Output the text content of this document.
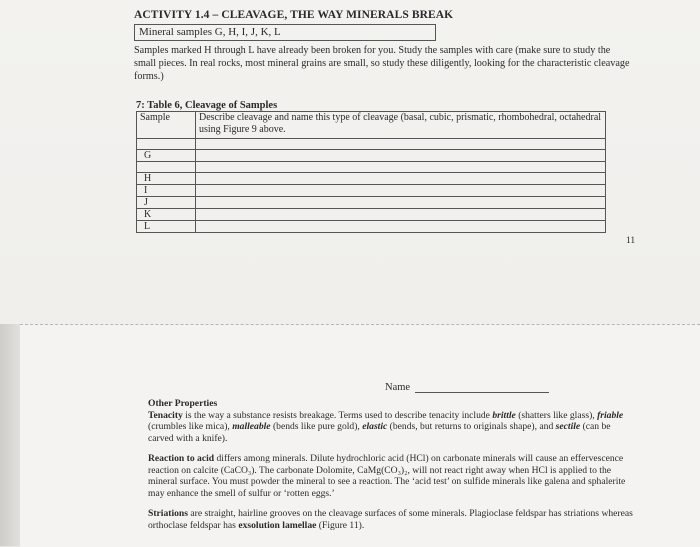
ACTIVITY 1.4 – CLEAVAGE, THE WAY MINERALS BREAK
Mineral samples G, H, I, J, K, L
Samples marked H through L have already been broken for you. Study the samples with care (make sure to study the small pieces. In real rocks, most mineral grains are small, so study these diligently, looking for the characteristic cleavage forms.)
7: Table 6, Cleavage of Samples
Sample	Describe cleavage and name this type of cleavage (basal, cubic, prismatic, rhombohedral, octahedral using Figure 9 above.

G	

H	
I	
J	
K	
L	
11
Name
Other Properties

Tenacity is the way a substance resists breakage. Terms used to describe tenacity include brittle (shatters like glass), friable (crumbles like mica), malleable (bends like pure gold), elastic (bends, but returns to originals shape), and sectile (can be carved with a knife).

Reaction to acid differs among minerals. Dilute hydrochloric acid (HCl) on carbonate minerals will cause an effervescence reaction on calcite (CaCO₃). The carbonate Dolomite, CaMg(CO₃)₂, will not react right away when HCl is applied to the mineral surface. You must powder the mineral to see a reaction. The ‘acid test’ on sulfide minerals like galena and sphalerite may enhance the smell of sulfur or ‘rotten eggs.’

Striations are straight, hairline grooves on the cleavage surfaces of some minerals. Plagioclase feldspar has striations whereas orthoclase feldspar has exsolution lamellae (Figure 11).
